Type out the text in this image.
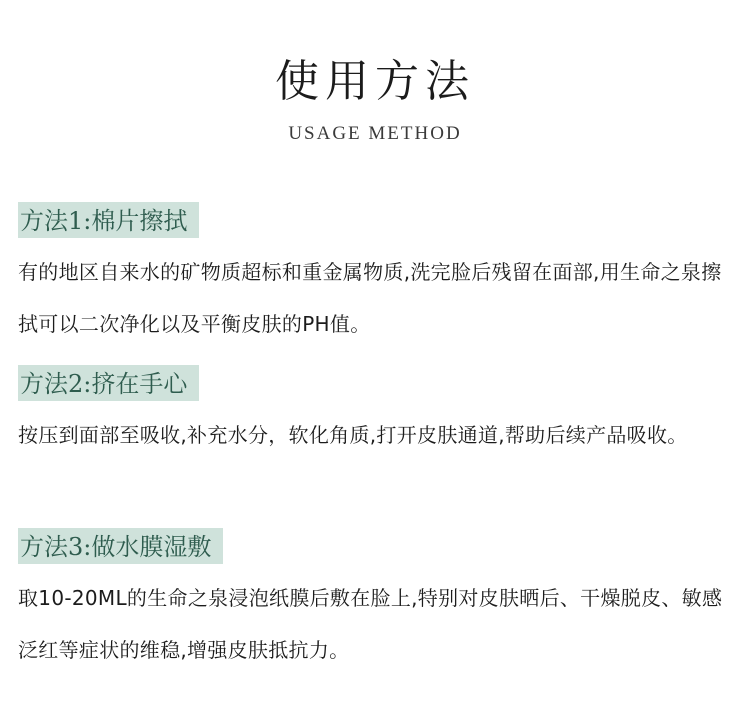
使用方法
USAGE METHOD
方法1:棉片擦拭
有的地区自来水的矿物质超标和重金属物质,洗完脸后残留在面部,用生命之泉擦拭可以二次净化以及平衡皮肤的PH值。
方法2:挤在手心
按压到面部至吸收,补充水分，软化角质,打开皮肤通道,帮助后续产品吸收。
方法3:做水膜湿敷
取10-20ML的生命之泉浸泡纸膜后敷在脸上,特别对皮肤晒后、干燥脱皮、敏感泛红等症状的维稳,增强皮肤抵抗力。
